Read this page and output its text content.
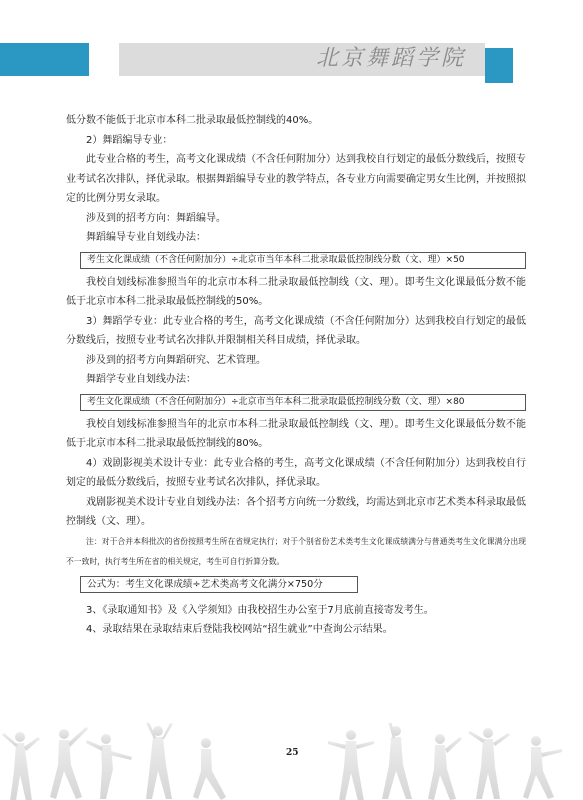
北京舞蹈学院

低分数不能低于北京市本科二批录取最低控制线的40%。

2）舞蹈编导专业：

此专业合格的考生，高考文化课成绩（不含任何附加分）达到我校自行划定的最低分数线后，按照专业考试名次排队，择优录取。根据舞蹈编导专业的教学特点，各专业方向需要确定男女生比例，并按照拟定的比例分男女录取。

涉及到的招考方向：舞蹈编导。

舞蹈编导专业自划线办法：

考生文化课成绩（不含任何附加分）÷北京市当年本科二批录取最低控制线分数（文、理）×50

我校自划线标准参照当年的北京市本科二批录取最低控制线（文、理）。即考生文化课最低分数不能低于北京市本科二批录取最低控制线的50%。

3）舞蹈学专业：此专业合格的考生，高考文化课成绩（不含任何附加分）达到我校自行划定的最低分数线后，按照专业考试名次排队并限制相关科目成绩，择优录取。

涉及到的招考方向舞蹈研究、艺术管理。

舞蹈学专业自划线办法：

考生文化课成绩（不含任何附加分）÷北京市当年本科二批录取最低控制线分数（文、理）×80

我校自划线标准参照当年的北京市本科二批录取最低控制线（文、理）。即考生文化课最低分数不能低于北京市本科二批录取最低控制线的80%。

4）戏剧影视美术设计专业：此专业合格的考生，高考文化课成绩（不含任何附加分）达到我校自行划定的最低分数线后，按照专业考试名次排队，择优录取。

戏剧影视美术设计专业自划线办法：各个招考方向统一分数线，均需达到北京市艺术类本科录取最低控制线（文、理）。

注：对于合并本科批次的省份按照考生所在省规定执行；对于个别省份艺术类考生文化课成绩满分与普通类考生文化课满分出现不一致时，执行考生所在省的相关规定，考生可自行折算分数。

公式为：考生文化课成绩÷艺术类高考文化满分×750分

3、《录取通知书》及《入学须知》由我校招生办公室于7月底前直接寄发考生。

4、录取结果在录取结束后登陆我校网站“招生就业”中查询公示结果。

25
